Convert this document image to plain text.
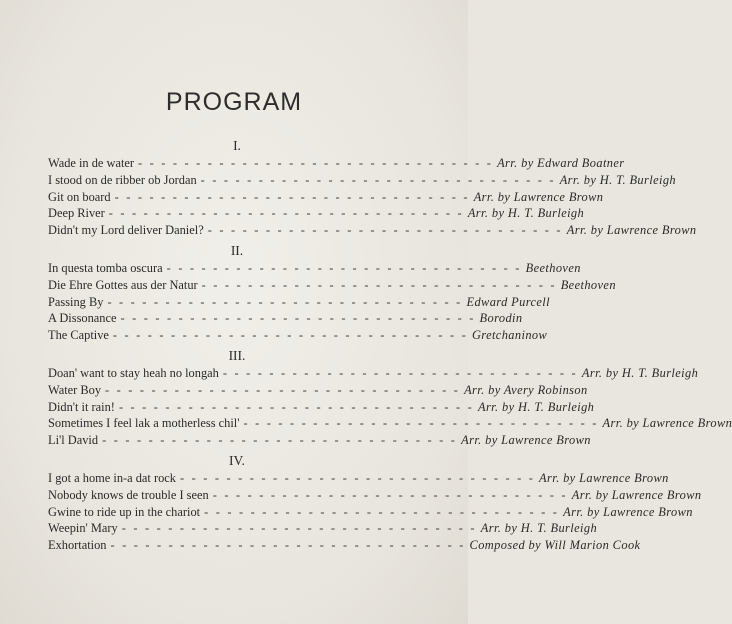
PROGRAM
I.
Wade in de water - - - - - - - - - - - - - - - - - - - - - - - - - - - - - - - Arr. by Edward Boatner
I stood on de ribber ob Jordan - - - - - - - - - - - - - - - - - - - - - - - - - - - - - - - Arr. by H. T. Burleigh
Git on board - - - - - - - - - - - - - - - - - - - - - - - - - - - - - - - Arr. by Lawrence Brown
Deep River - - - - - - - - - - - - - - - - - - - - - - - - - - - - - - - Arr. by H. T. Burleigh
Didn't my Lord deliver Daniel? - - - - - - - - - - - - - - - - - - - - - - - - - - - - - - - Arr. by Lawrence Brown
II.
In questa tomba oscura - - - - - - - - - - - - - - - - - - - - - - - - - - - - - - - Beethoven
Die Ehre Gottes aus der Natur - - - - - - - - - - - - - - - - - - - - - - - - - - - - - - - Beethoven
Passing By - - - - - - - - - - - - - - - - - - - - - - - - - - - - - - - Edward Purcell
A Dissonance - - - - - - - - - - - - - - - - - - - - - - - - - - - - - - - Borodin
The Captive - - - - - - - - - - - - - - - - - - - - - - - - - - - - - - - Gretchaninow
III.
Doan' want to stay heah no longah - - - - - - - - - - - - - - - - - - - - - - - - - - - - - - - Arr. by H. T. Burleigh
Water Boy - - - - - - - - - - - - - - - - - - - - - - - - - - - - - - - Arr. by Avery Robinson
Didn't it rain! - - - - - - - - - - - - - - - - - - - - - - - - - - - - - - - Arr. by H. T. Burleigh
Sometimes I feel lak a motherless chil' - - - - - - - - - - - - - - - - - - - - - - - - - - - - - - - Arr. by Lawrence Brown
Li'l David - - - - - - - - - - - - - - - - - - - - - - - - - - - - - - - Arr. by Lawrence Brown
IV.
I got a home in-a dat rock - - - - - - - - - - - - - - - - - - - - - - - - - - - - - - - Arr. by Lawrence Brown
Nobody knows de trouble I seen - - - - - - - - - - - - - - - - - - - - - - - - - - - - - - - Arr. by Lawrence Brown
Gwine to ride up in the chariot - - - - - - - - - - - - - - - - - - - - - - - - - - - - - - - Arr. by Lawrence Brown
Weepin' Mary - - - - - - - - - - - - - - - - - - - - - - - - - - - - - - - Arr. by H. T. Burleigh
Exhortation - - - - - - - - - - - - - - - - - - - - - - - - - - - - - - - Composed by Will Marion Cook
